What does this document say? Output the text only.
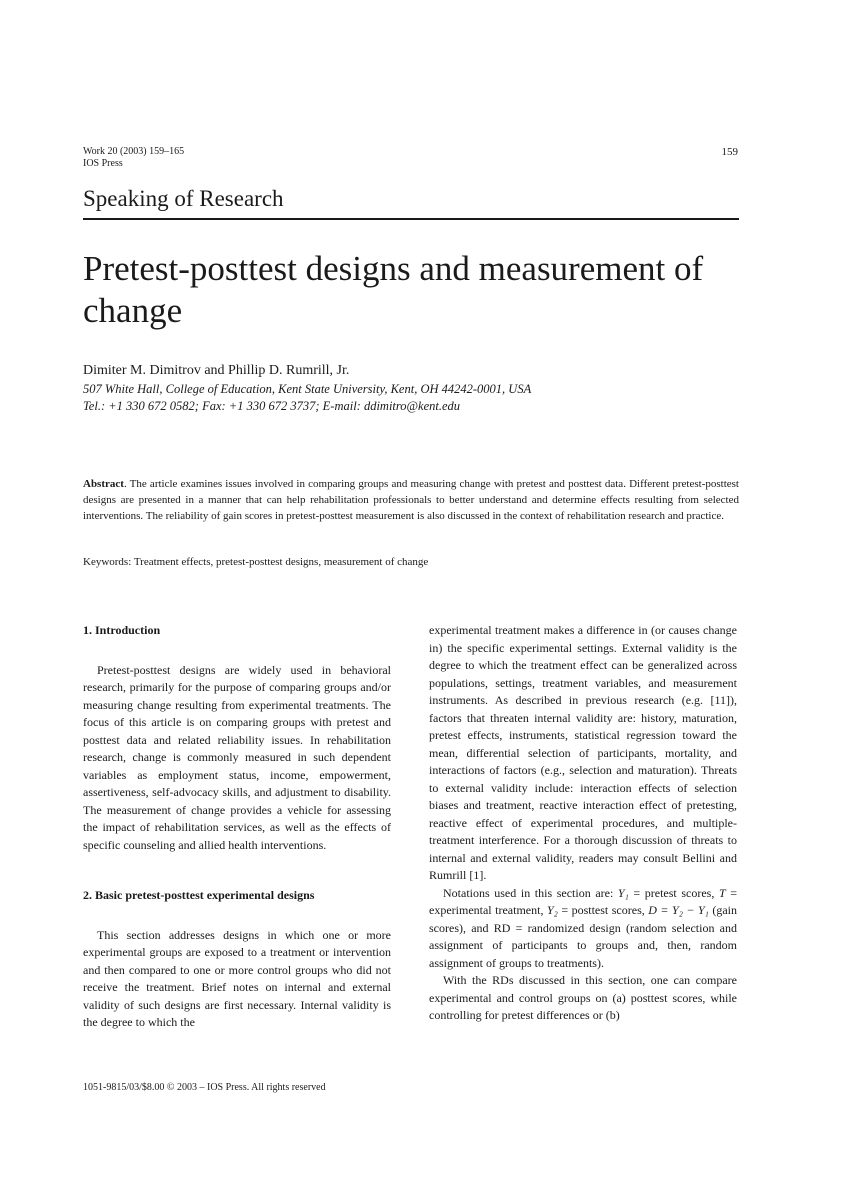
Work 20 (2003) 159–165
IOS Press
159
Speaking of Research
Pretest-posttest designs and measurement of change
Dimiter M. Dimitrov and Phillip D. Rumrill, Jr.
507 White Hall, College of Education, Kent State University, Kent, OH 44242-0001, USA
Tel.: +1 330 672 0582; Fax: +1 330 672 3737; E-mail: ddimitro@kent.edu

Abstract. The article examines issues involved in comparing groups and measuring change with pretest and posttest data. Different pretest-posttest designs are presented in a manner that can help rehabilitation professionals to better understand and determine effects resulting from selected interventions. The reliability of gain scores in pretest-posttest measurement is also discussed in the context of rehabilitation research and practice.

Keywords: Treatment effects, pretest-posttest designs, measurement of change

1. Introduction

Pretest-posttest designs are widely used in behavioral research, primarily for the purpose of comparing groups and/or measuring change resulting from experimental treatments. The focus of this article is on comparing groups with pretest and posttest data and related reliability issues. In rehabilitation research, change is commonly measured in such dependent variables as employment status, income, empowerment, assertiveness, self-advocacy skills, and adjustment to disability. The measurement of change provides a vehicle for assessing the impact of rehabilitation services, as well as the effects of specific counseling and allied health interventions.

2. Basic pretest-posttest experimental designs

This section addresses designs in which one or more experimental groups are exposed to a treatment or intervention and then compared to one or more control groups who did not receive the treatment. Brief notes on internal and external validity of such designs are first necessary. Internal validity is the degree to which the

experimental treatment makes a difference in (or causes change in) the specific experimental settings. External validity is the degree to which the treatment effect can be generalized across populations, settings, treatment variables, and measurement instruments. As described in previous research (e.g. [11]), factors that threaten internal validity are: history, maturation, pretest effects, instruments, statistical regression toward the mean, differential selection of participants, mortality, and interactions of factors (e.g., selection and maturation). Threats to external validity include: interaction effects of selection biases and treatment, reactive interaction effect of pretesting, reactive effect of experimental procedures, and multiple-treatment interference. For a thorough discussion of threats to internal and external validity, readers may consult Bellini and Rumrill [1].

Notations used in this section are: Y₁ = pretest scores, T = experimental treatment, Y₂ = posttest scores, D = Y₂ − Y₁ (gain scores), and RD = randomized design (random selection and assignment of participants to groups and, then, random assignment of groups to treatments).

With the RDs discussed in this section, one can compare experimental and control groups on (a) posttest scores, while controlling for pretest differences or (b)

1051-9815/03/$8.00 © 2003 – IOS Press. All rights reserved
